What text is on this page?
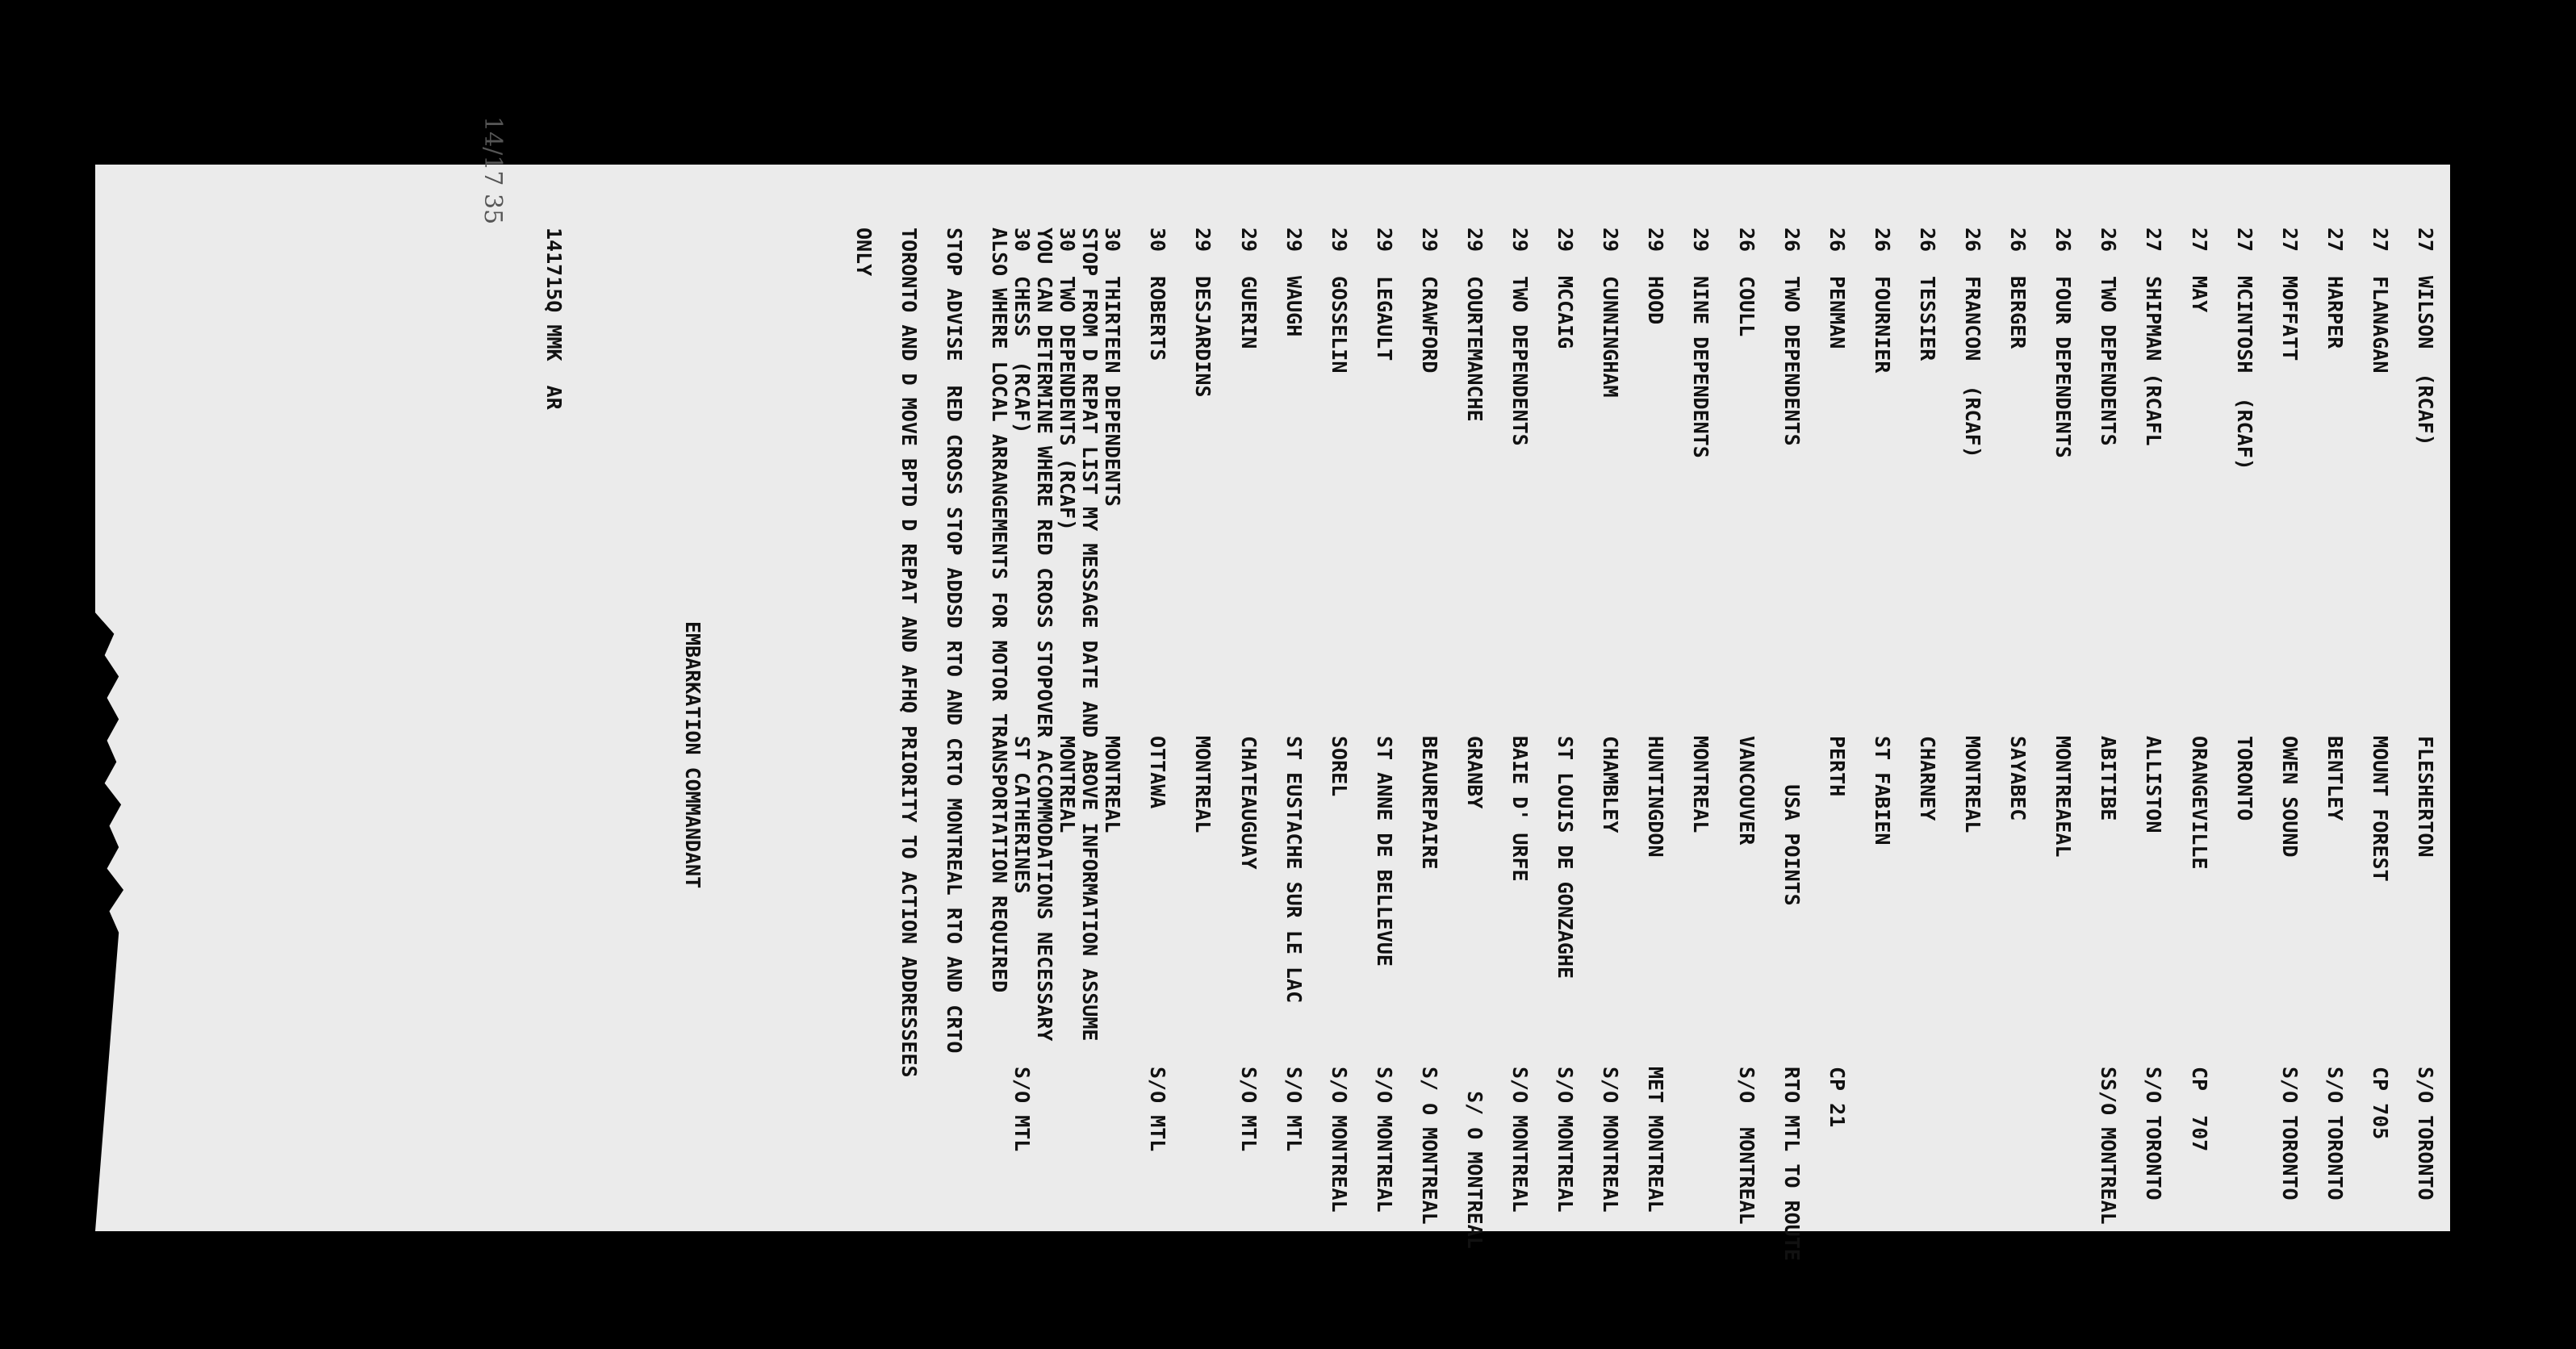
27
WILSON  (RCAF)
FLESHERTON
S/O TORONTO
27
FLANAGAN
MOUNT FOREST
CP 705
27
HARPER
BENTLEY
S/O TORONTO
27
MOFFATT
OWEN SOUND
S/O TORONTO
27
MCINTOSH  (RCAF)
TORONTO
27
MAY
ORANGEVILLE
CP  707
27
SHIPMAN (RCAFL
ALLISTON
S/O TORONTO
26
TWO DEPENDENTS
ABITIBE
SS/O MONTREAL
26
FOUR DEPENDENTS
MONTREAEAL
26
BERGER
SAYABEC
26
FRANCON  (RCAF)
MONTREAL
26
TESSIER
CHARNEY
26
FOURNIER
ST FABIEN
26
PENMAN
PERTH
CP 21
26
TWO DEPENDENTS
USA POINTS
RTO MTL TO ROUTE
26
COULL
VANCOUVER
S/O  MONTREAL
29
NINE DEPENDENTS
MONTREAL
29
HOOD
HUNTINGDON
MET MONTREAL
29
CUNNINGHAM
CHAMBLEY
S/O MONTREAL
29
MCCAIG
ST LOUIS DE GONZAGHE
S/O MONTREAL
29
TWO DEPENDENTS
BAIE D' URFE
S/O MONTREAL
29
COURTEMANCHE
GRANBY
S/ O MONTREAL
29
CRAWFORD
BEAUREPAIRE
S/ O MONTREAL
29
LEGAULT
ST ANNE DE BELLEVUE
S/O MONTREAL
29
GOSSELIN
SOREL
S/O MONTREAL
29
WAUGH
ST EUSTACHE SUR LE LAC
S/O MTL
29
GUERIN
CHATEAUGUAY
S/O MTL
29
DESJARDINS
MONTREAL
30
ROBERTS
OTTAWA
S/O MTL
30
THIRTEEN DEPENDENTS
MONTREAL
30
TWO DEPENDENTS (RCAF)
MONTREAL
30
CHESS  (RCAF)
ST CATHERINES
S/O MTL
STOP FROM D REPAT LIST MY MESSAGE DATE AND ABOVE INFORMATION ASSUME
YOU CAN DETERMINE WHERE RED CROSS STOPOVER ACCOMMODATIONS NECESSARY
ALSO WHERE LOCAL ARRANGEMENTS FOR MOTOR TRANSPORTATION REQUIRED
STOP ADVISE  RED CROSS STOP ADDSD RTO AND CRTO MONTREAL RTO AND CRTO
TORONTO AND D MOVE BPTD D REPAT AND AFHQ PRIORITY TO ACTION ADDRESSEES
ONLY
EMBARKATION COMMANDANT
141715Q MMK  AR
14/17 35
